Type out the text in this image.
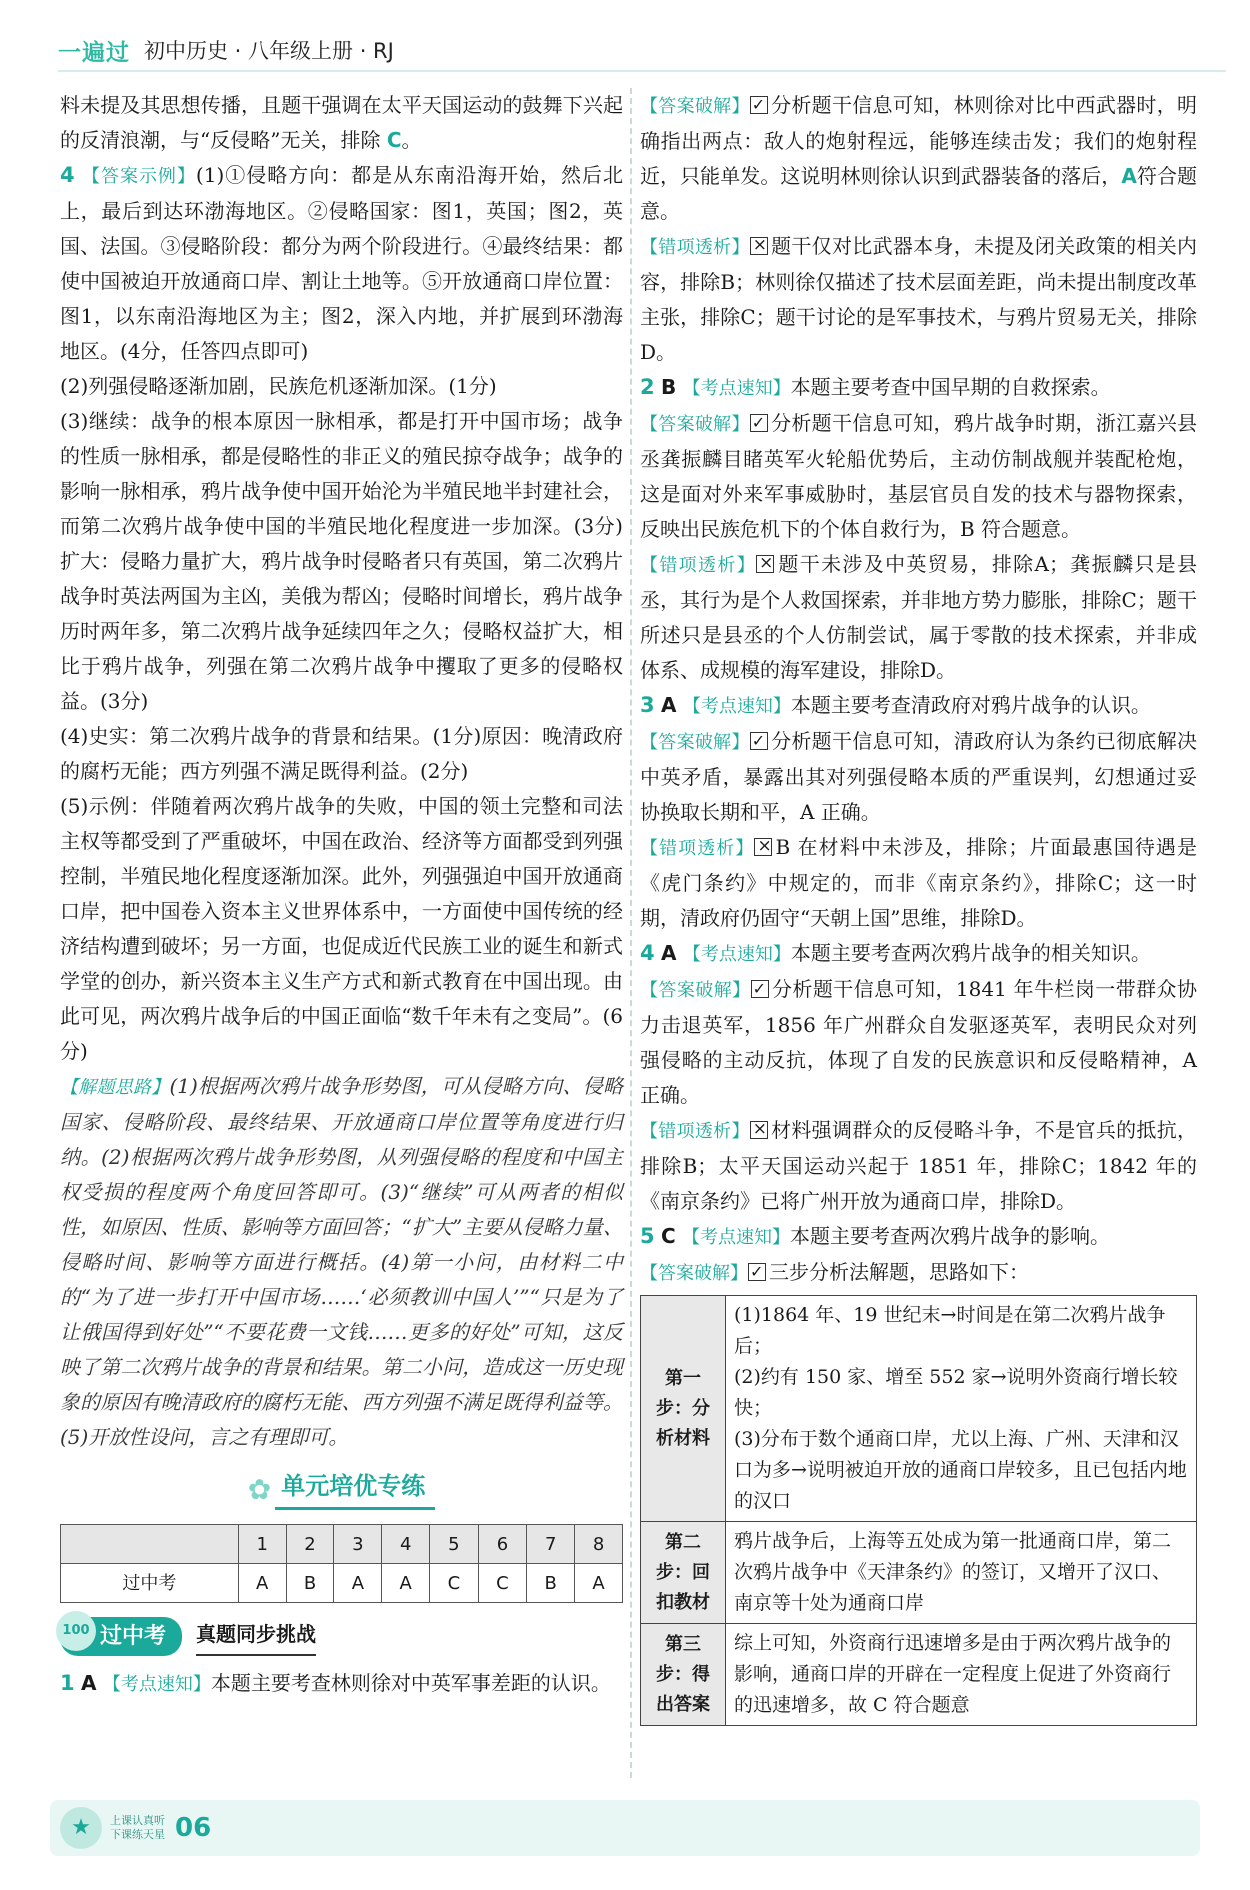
一遍过 初中历史 · 八年级上册 · RJ

料未提及其思想传播，且题干强调在太平天国运动的鼓舞下兴起的反清浪潮，与“反侵略”无关，排除 C。

4 【答案示例】(1)①侵略方向：都是从东南沿海开始，然后北上，最后到达环渤海地区。②侵略国家：图1，英国；图2，英国、法国。③侵略阶段：都分为两个阶段进行。④最终结果：都使中国被迫开放通商口岸、割让土地等。⑤开放通商口岸位置：图1，以东南沿海地区为主；图2，深入内地，并扩展到环渤海地区。(4分，任答四点即可)

(2)列强侵略逐渐加剧，民族危机逐渐加深。(1分)

(3)继续：战争的根本原因一脉相承，都是打开中国市场；战争的性质一脉相承，都是侵略性的非正义的殖民掠夺战争；战争的影响一脉相承，鸦片战争使中国开始沦为半殖民地半封建社会，而第二次鸦片战争使中国的半殖民地化程度进一步加深。(3分)扩大：侵略力量扩大，鸦片战争时侵略者只有英国，第二次鸦片战争时英法两国为主凶，美俄为帮凶；侵略时间增长，鸦片战争历时两年多，第二次鸦片战争延续四年之久；侵略权益扩大，相比于鸦片战争，列强在第二次鸦片战争中攫取了更多的侵略权益。(3分)

(4)史实：第二次鸦片战争的背景和结果。(1分)原因：晚清政府的腐朽无能；西方列强不满足既得利益。(2分)

(5)示例：伴随着两次鸦片战争的失败，中国的领土完整和司法主权等都受到了严重破坏，中国在政治、经济等方面都受到列强控制，半殖民地化程度逐渐加深。此外，列强强迫中国开放通商口岸，把中国卷入资本主义世界体系中，一方面使中国传统的经济结构遭到破坏；另一方面，也促成近代民族工业的诞生和新式学堂的创办，新兴资本主义生产方式和新式教育在中国出现。由此可见，两次鸦片战争后的中国正面临“数千年未有之变局”。(6分)

【解题思路】(1)根据两次鸦片战争形势图，可从侵略方向、侵略国家、侵略阶段、最终结果、开放通商口岸位置等角度进行归纳。(2)根据两次鸦片战争形势图，从列强侵略的程度和中国主权受损的程度两个角度回答即可。(3)“继续”可从两者的相似性，如原因、性质、影响等方面回答；“扩大”主要从侵略力量、侵略时间、影响等方面进行概括。(4)第一小问，由材料二中的“为了进一步打开中国市场……‘必须教训中国人’”“只是为了让俄国得到好处”“不要花费一文钱……更多的好处”可知，这反映了第二次鸦片战争的背景和结果。第二小问，造成这一历史现象的原因有晚清政府的腐朽无能、西方列强不满足既得利益等。(5)开放性设问，言之有理即可。

✿ 单元培优专练
	1	2	3	4	5	6	7	8
过中考	A	B	A	A	C	C	B	A
100 过中考	真题同步挑战

1 A 【考点速知】本题主要考查林则徐对中英军事差距的认识。

【答案破解】 ✓ 分析题干信息可知，林则徐对比中西武器时，明确指出两点：敌人的炮射程远，能够连续击发；我们的炮射程近，只能单发。这说明林则徐认识到武器装备的落后，A符合题意。

【错项透析】 × 题干仅对比武器本身，未提及闭关政策的相关内容，排除B；林则徐仅描述了技术层面差距，尚未提出制度改革主张，排除C；题干讨论的是军事技术，与鸦片贸易无关，排除D。

2 B 【考点速知】本题主要考查中国早期的自救探索。

【答案破解】 ✓ 分析题干信息可知，鸦片战争时期，浙江嘉兴县丞龚振麟目睹英军火轮船优势后，主动仿制战舰并装配枪炮，这是面对外来军事威胁时，基层官员自发的技术与器物探索，反映出民族危机下的个体自救行为，B 符合题意。

【错项透析】 × 题干未涉及中英贸易，排除A；龚振麟只是县丞，其行为是个人救国探索，并非地方势力膨胀，排除C；题干所述只是县丞的个人仿制尝试，属于零散的技术探索，并非成体系、成规模的海军建设，排除D。

3 A 【考点速知】本题主要考查清政府对鸦片战争的认识。

【答案破解】 ✓ 分析题干信息可知，清政府认为条约已彻底解决中英矛盾，暴露出其对列强侵略本质的严重误判，幻想通过妥协换取长期和平，A 正确。

【错项透析】 × B 在材料中未涉及，排除；片面最惠国待遇是《虎门条约》中规定的，而非《南京条约》，排除C；这一时期，清政府仍固守“天朝上国”思维，排除D。

4 A 【考点速知】本题主要考查两次鸦片战争的相关知识。

【答案破解】 ✓ 分析题干信息可知，1841 年牛栏岗一带群众协力击退英军，1856 年广州群众自发驱逐英军，表明民众对列强侵略的主动反抗，体现了自发的民族意识和反侵略精神，A 正确。

【错项透析】 × 材料强调群众的反侵略斗争，不是官兵的抵抗，排除B；太平天国运动兴起于 1851 年，排除C；1842 年的《南京条约》已将广州开放为通商口岸，排除D。

5 C 【考点速知】本题主要考查两次鸦片战争的影响。

【答案破解】 ✓ 三步分析法解题，思路如下：

第一步：分析材料	(1)1864 年、19 世纪末→时间是在第二次鸦片战争后；
(2)约有 150 家、增至 552 家→说明外资商行增长较快；
(3)分布于数个通商口岸，尤以上海、广州、天津和汉口为多→说明被迫开放的通商口岸较多，且已包括内地的汉口

第二步：回扣教材	鸦片战争后，上海等五处成为第一批通商口岸，第二次鸦片战争中《天津条约》的签订，又增开了汉口、南京等十处为通商口岸
第三步：得出答案	综上可知，外资商行迅速增多是由于两次鸦片战争的影响，通商口岸的开辟在一定程度上促进了外资商行的迅速增多，故 C 符合题意
★	上课认真听
下课练天星 06
